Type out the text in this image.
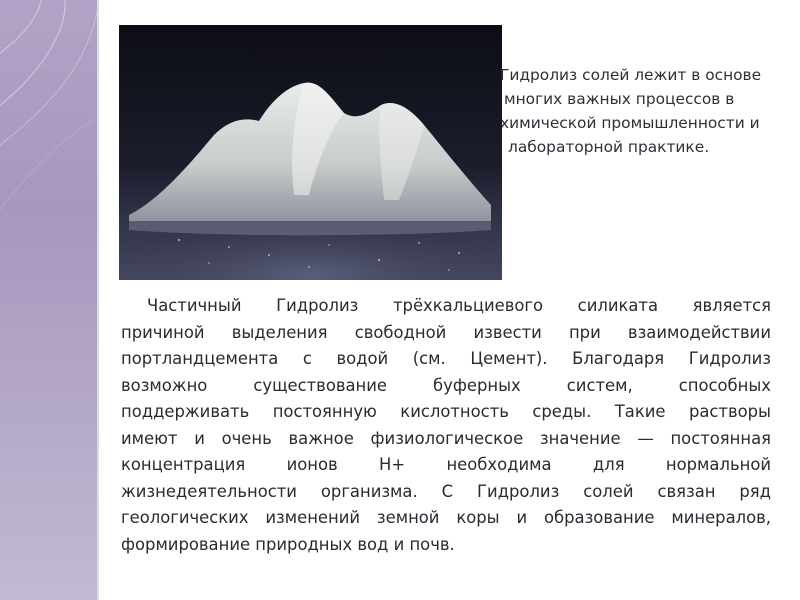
Гидролиз солей лежит в основе
многих важных процессов в
химической промышленности и
лабораторной практике.
Частичный Гидролиз трёхкальциевого силиката является
причиной выделения свободной извести при взаимодействии
портландцемента с водой (см. Цемент). Благодаря Гидролиз
возможно существование буферных систем, способных
поддерживать постоянную кислотность среды. Такие растворы
имеют и очень важное физиологическое значение — постоянная
концентрация ионов Н+ необходима для нормальной
жизнедеятельности организма. С Гидролиз солей связан ряд
геологических изменений земной коры и образование минералов,
формирование природных вод и почв.
